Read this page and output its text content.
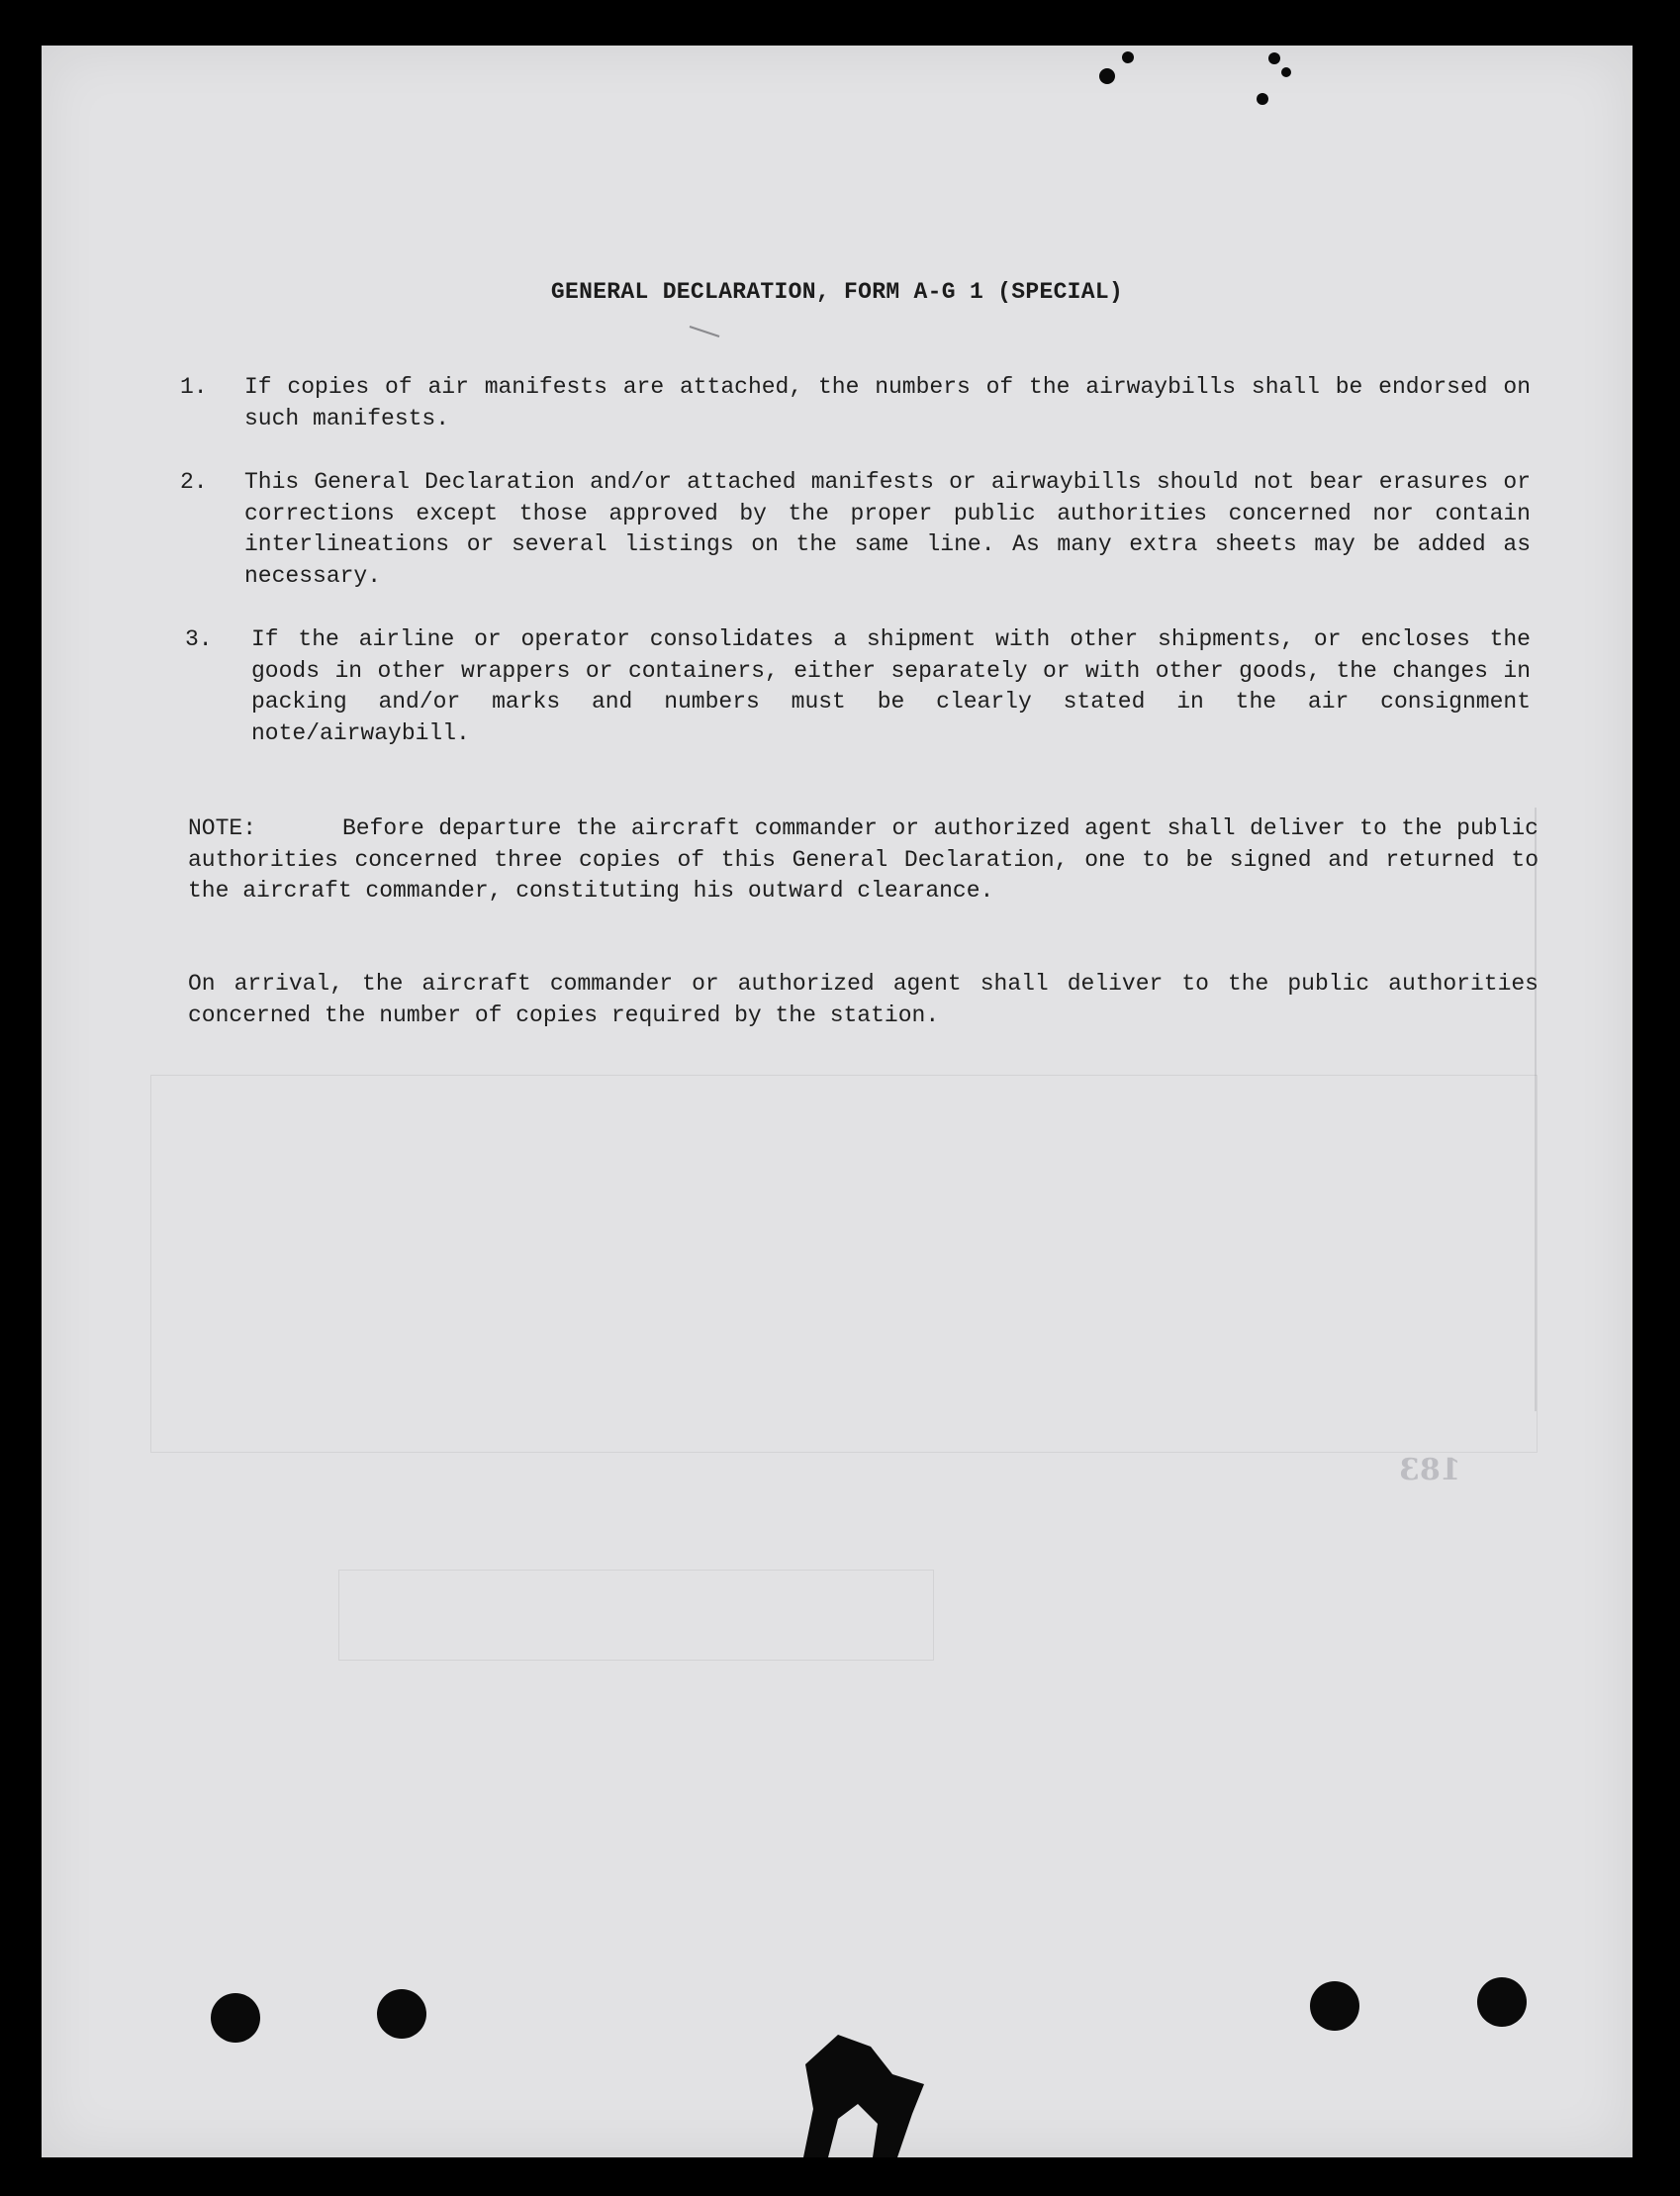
183
GENERAL DECLARATION, FORM A-G 1 (SPECIAL)
1.	If copies of air manifests are attached, the numbers of the airwaybills shall be endorsed on such manifests.
2.	This General Declaration and/or attached manifests or airwaybills should not bear erasures or corrections except those approved by the proper public authorities concerned nor contain interlineations or several listings on the same line. As many extra sheets may be added as necessary.
3.	If the airline or operator consolidates a shipment with other shipments, or encloses the goods in other wrappers or containers, either separately or with other goods, the changes in packing and/or marks and numbers must be clearly stated in the air consignment note/airwaybill.
NOTE:	Before departure the aircraft commander or authorized agent shall deliver to the public authorities concerned three copies of this General Declaration, one to be signed and returned to the aircraft commander, constituting his outward clearance.
On arrival, the aircraft commander or authorized agent shall deliver to the public authorities concerned the number of copies required by the station.
